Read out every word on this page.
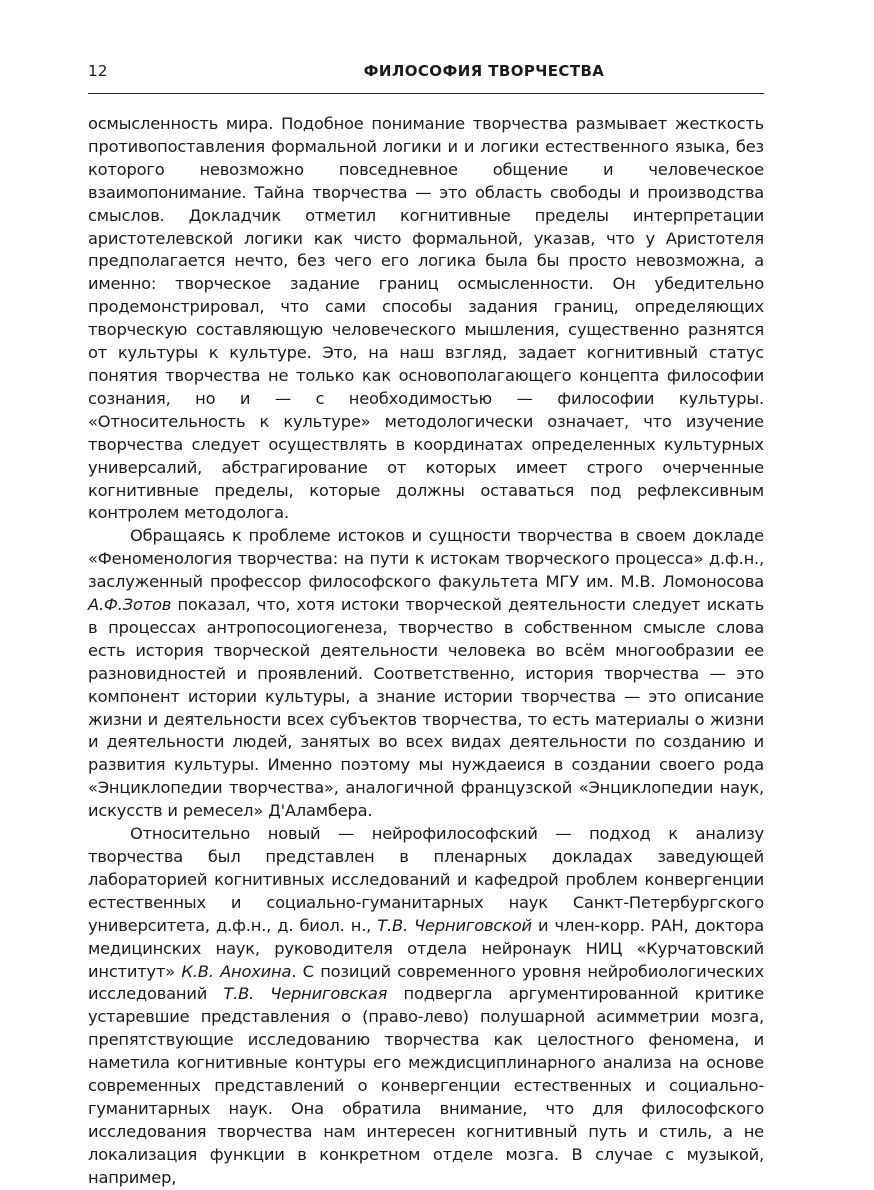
12	ФИЛОСОФИЯ ТВОРЧЕСТВА

осмысленность мира. Подобное понимание творчества размывает жесткость противопоставления формальной логики и и логики естественного языка, без которого невозможно повседневное общение и человеческое взаимопонимание. Тайна творчества — это область свободы и производства смыслов. Докладчик отметил когнитивные пределы интерпретации аристотелевской логики как чисто формальной, указав, что у Аристотеля предполагается нечто, без чего его логика была бы просто невозможна, а именно: творческое задание границ осмысленности. Он убедительно продемонстрировал, что сами способы задания границ, определяющих творческую составляющую человеческого мышления, существенно разнятся от культуры к культуре. Это, на наш взгляд, задает когнитивный статус понятия творчества не только как основополагающего концепта философии сознания, но и — с необходимостью — философии культуры. «Относительность к культуре» методологически означает, что изучение творчества следует осуществлять в координатах определенных культурных универсалий, абстрагирование от которых имеет строго очерченные когнитивные пределы, которые должны оставаться под рефлексивным контролем методолога.

Обращаясь к проблеме истоков и сущности творчества в своем докладе «Феноменология творчества: на пути к истокам творческого процесса» д.ф.н., заслуженный профессор философского факультета МГУ им. М.В. Ломоносова А.Ф.Зотов показал, что, хотя истоки творческой деятельности следует искать в процессах антропосоциогенеза, творчество в собственном смысле слова есть история творческой деятельности человека во всём многообразии ее разновидностей и проявлений. Соответственно, история творчества — это компонент истории культуры, а знание истории творчества — это описание жизни и деятельности всех субъектов творчества, то есть материалы о жизни и деятельности людей, занятых во всех видах деятельности по созданию и развития культуры. Именно поэтому мы нуждаеися в создании своего рода «Энциклопедии творчества», аналогичной французской «Энциклопедии наук, искусств и ремесел» Д'Аламбера.

Относительно новый — нейрофилософский — подход к анализу творчества был представлен в пленарных докладах заведующей лабораторией когнитивных исследований и кафедрой проблем конвергенции естественных и социально-гуманитарных наук Санкт-Петербургского университета, д.ф.н., д. биол. н., Т.В. Черниговской и член-корр. РАН, доктора медицинских наук, руководителя отдела нейронаук НИЦ «Курчатовский институт» К.В. Анохина. С позиций современного уровня нейробиологических исследований Т.В. Черниговская подвергла аргументированной критике устаревшие представления о (право-лево) полушарной асимметрии мозга, препятствующие исследованию творчества как целостного феномена, и наметила когнитивные контуры его междисциплинарного анализа на основе современных представлений о конвергенции естественных и социально-гуманитарных наук. Она обратила внимание, что для философского исследования творчества нам интересен когнитивный путь и стиль, а не локализация функции в конкретном отделе мозга. В случае с музыкой, например,
